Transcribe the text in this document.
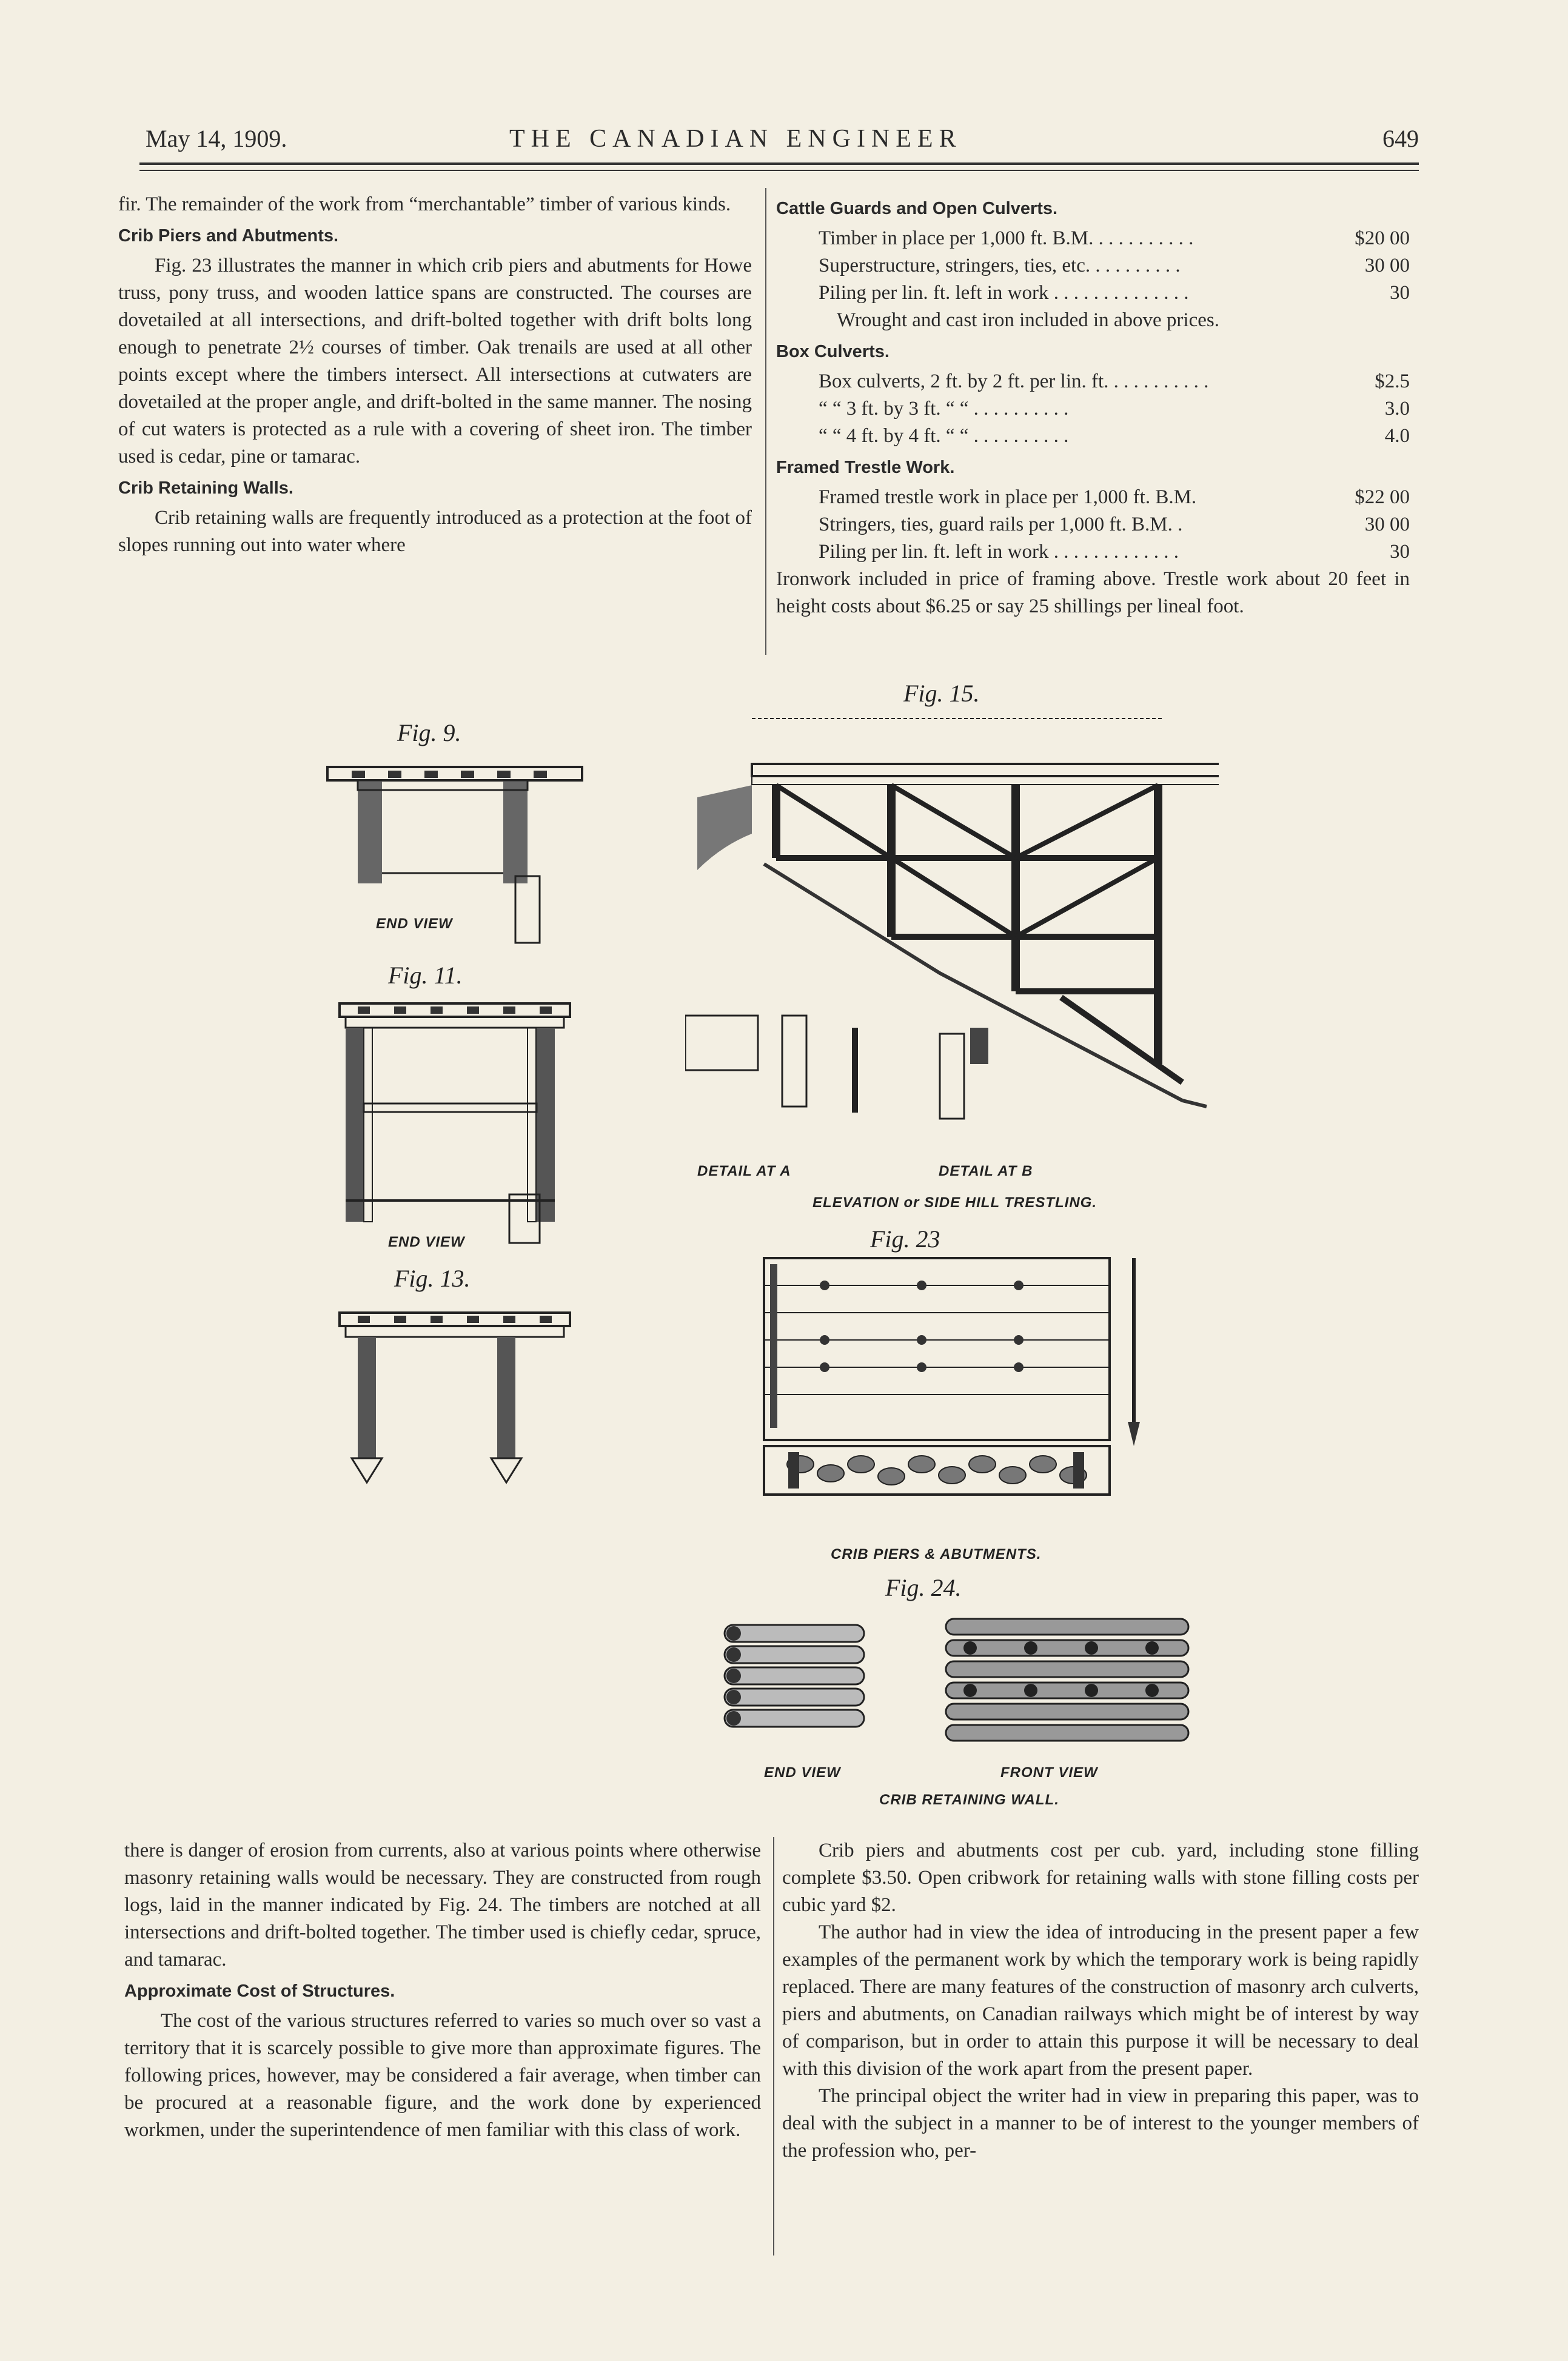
May 14, 1909.	THE CANADIAN ENGINEER	649

fir. The remainder of the work from “merchantable” timber of various kinds.

Crib Piers and Abutments.

Fig. 23 illustrates the manner in which crib piers and abutments for Howe truss, pony truss, and wooden lattice spans are constructed. The courses are dovetailed at all intersections, and drift-bolted together with drift bolts long enough to penetrate 2½ courses of timber. Oak trenails are used at all other points except where the timbers intersect. All intersections at cutwaters are dovetailed at the proper angle, and drift-bolted in the same manner. The nosing of cut waters is protected as a rule with a covering of sheet iron. The timber used is cedar, pine or tamarac.

Crib Retaining Walls.

Crib retaining walls are frequently introduced as a protection at the foot of slopes running out into water where

Cattle Guards and Open Culverts.
Timber in place per 1,000 ft. B.M. . . . . . . . . . .	$20 00
Superstructure, stringers, ties, etc. . . . . . . . . .	30 00
Piling per lin. ft. left in work . . . . . . . . . . . . . .	30
Wrought and cast iron included in above prices.
Box Culverts.
Box culverts, 2 ft. by 2 ft. per lin. ft. . . . . . . . . . .	$2.5
“ “ 3 ft. by 3 ft. “ “ . . . . . . . . . .	3.0
“ “ 4 ft. by 4 ft. “ “ . . . . . . . . . .	4.0
Framed Trestle Work.
Framed trestle work in place per 1,000 ft. B.M.	$22 00
Stringers, ties, guard rails per 1,000 ft. B.M. .	30 00
Piling per lin. ft. left in work . . . . . . . . . . . . .	30

Ironwork included in price of framing above. Trestle work about 20 feet in height costs about $6.25 or say 25 shillings per lineal foot.

Fig. 9.
END VIEW
Fig. 11.
END VIEW
Fig. 13.
Fig. 15.
DETAIL AT A	DETAIL AT B
ELEVATION or SIDE HILL TRESTLING.
Fig. 23
CRIB PIERS & ABUTMENTS.
Fig. 24.
END VIEW	FRONT VIEW
CRIB RETAINING WALL.

there is danger of erosion from currents, also at various points where otherwise masonry retaining walls would be necessary. They are constructed from rough logs, laid in the manner indicated by Fig. 24. The timbers are notched at all intersections and drift-bolted together. The timber used is chiefly cedar, spruce, and tamarac.

Approximate Cost of Structures.

The cost of the various structures referred to varies so much over so vast a territory that it is scarcely possible to give more than approximate figures. The following prices, however, may be considered a fair average, when timber can be procured at a reasonable figure, and the work done by experienced workmen, under the superintendence of men familiar with this class of work.

Crib piers and abutments cost per cub. yard, including stone filling complete $3.50. Open cribwork for retaining walls with stone filling costs per cubic yard $2.

The author had in view the idea of introducing in the present paper a few examples of the permanent work by which the temporary work is being rapidly replaced. There are many features of the construction of masonry arch culverts, piers and abutments, on Canadian railways which might be of interest by way of comparison, but in order to attain this purpose it will be necessary to deal with this division of the work apart from the present paper.

The principal object the writer had in view in preparing this paper, was to deal with the subject in a manner to be of interest to the younger members of the profession who, per-
